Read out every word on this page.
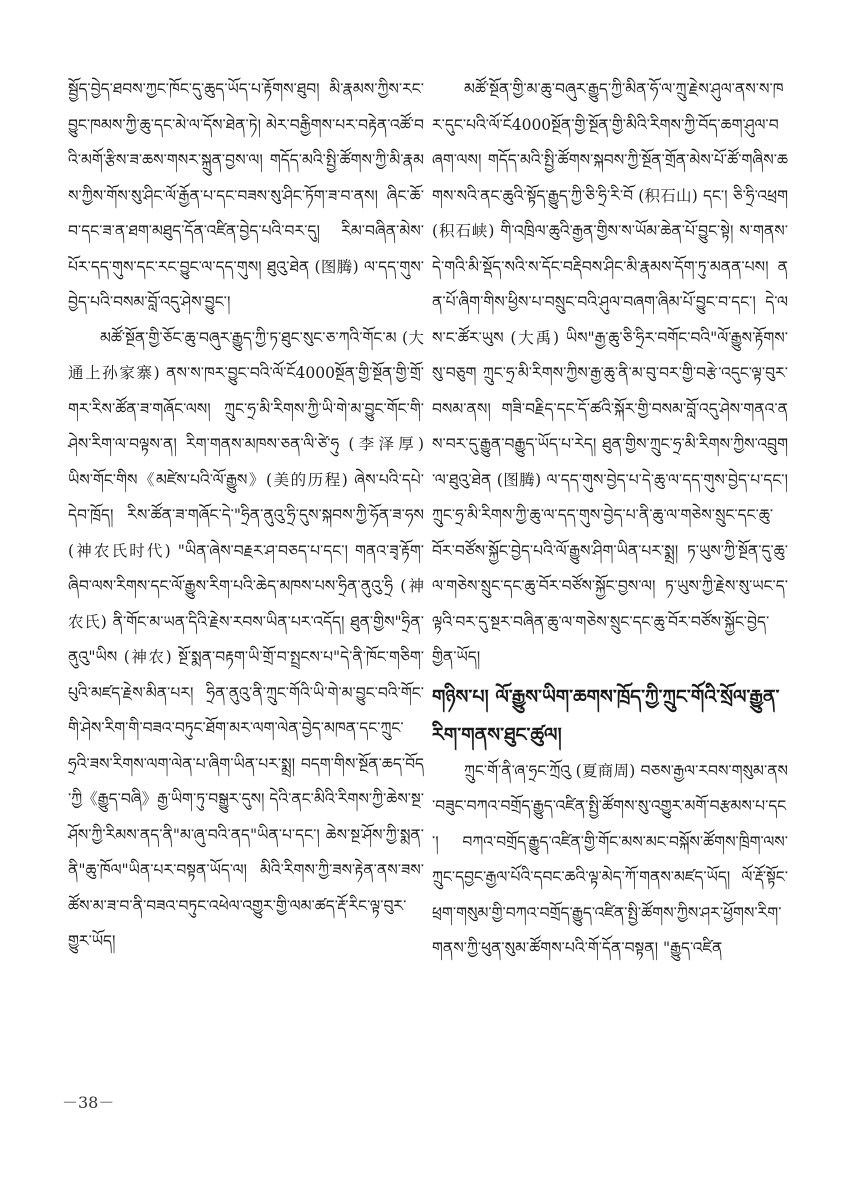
སྦྱོད་བྱེད་ཐབས་ཀྱང་ཁོང་དུ་ཆུད་ཡོད་པ་རྟོགས་ཐུབ། མི་རྣམས་ཀྱིས་རང་བྱུང་ཁམས་ཀྱི་ཆུ་དང་མེ་ལ་དོས་ཐེན་ཏེ། མེར་བརྒྱིགས་པར་བརྟེན་འཚོ་བའི་མགོ་རྩིས་ཟ་ཆས་གསར་སྐྲུན་བྱས་ལ། གདོད་མའི་སྤྱི་ཚོགས་ཀྱི་མི་རྣམས་ཀྱིས་གོས་སུ་ཤིང་ལོ་རྒྱོན་པ་དང་བཟས་སུ་ཤིང་ཏོག་ཟ་བ་ནས། ཞིང་ཆོ་བ་དང་ཟ་ན་ཐག་མཐུད་དོན་འཛིན་བྱེད་པའི་བར་དུ། རིམ་བཞིན་མེས་པོར་དད་གུས་དང་རང་བྱུང་ལ་དད་གུས། ཐུའུ་ཐེན (图腾) ལ་དད་གུས་བྱེད་པའི་བསམ་བློ་འདུ་ཤེས་བྱུང་།

མཚོ་སྔོན་གྱི་ཅོང་ཆུ་བཞུར་རྒྱུད་ཀྱི་ཏ་ཐུང་སུང་ཅ་ཀའི་གོང་མ (大通上孙家寨) ནས་ས་ཁར་བྱུང་བའི་ལོ་ངོ4000སྔོན་གྱི་སྔོན་གྱི་གྲོ་གར་རིས་ཚོན་ཟ་གཞོང་ལས། ཀྲུང་ཧྲ་མི་རིགས་ཀྱི་ཡི་གེ་མ་བྱུང་གོང་གི་ཤེས་རིག་ལ་བལྟས་ན། རིག་གནས་མཁས་ཅན་ལི་ཙེ་ཧུ (李泽厚) ཡིས་གོང་གིས《མཛེས་པའི་ལོ་རྒྱུས》(美的历程) ཞེས་པའི་དཔེ་དེབ་ཁྲོད། རིས་ཚོན་ཟ་གཞོང་དེ་"ཧྲིན་ནུའུ་ཧྲི་དུས་སྐབས་ཀྱི་ཧོན་ཟ་ཧས (神农氏时代) "ཡིན་ཞེས་བརྗར་ཤ་བཅད་པ་དང་། གནའ་ཟྭ་རྟོག་ཞིབ་ལས་རིགས་དང་ལོ་རྒྱུས་རིག་པའི་ཆེད་མཁས་པས་ཧྲིན་ནུའུ་ཧྲི (神农氏) ནི་གོང་མ་ཡན་དིའི་རྗེས་རབས་ཡིན་པར་འདོད། ཐུན་གྱིས"ཧྲིན་ནུའུ"ཡིས (神农) སྔོ་སྨན་བརྟག་ཡི་གྲོ་བ་སྤྲངས་པ"དེ་ནི་ཁོང་གཅིག་པུའི་མཛད་རྗེས་མིན་པར། ཧྲིན་ནུའུ་ནི་ཀྲུང་གོའི་ཡི་གེ་མ་བྱུང་བའི་གོང་གི་ཤེས་རིག་གི་བཟའ་བཏུང་ཐོག་མར་ལག་ལེན་བྱེད་མཁན་དང་ཀྲུང་ཧྲའི་ཟས་རིགས་ལག་ལེན་པ་ཞིག་ཡིན་པར་སྨྲ། བདག་གིས་སྔོན་ཆད་བོད་ཀྱི《རྒྱུད་བཞི》རྒྱ་ཡིག་ཏུ་བསྒྱུར་དུས། དེའི་ནང་མིའི་རིགས་ཀྱི་ཆེས་སྔ་ཤོས་ཀྱི་རིམས་ནད་ནི"མ་ཞུ་བའི་ནད"ཡིན་པ་དང་། ཆེས་སྔ་ཤོས་ཀྱི་སྨན་ནི"ཆུ་ཁོལ"ཡིན་པར་བསྟན་ཡོད་ལ། མིའི་རིགས་ཀྱི་ཟས་རྟེན་ནས་ཟས་ཚོས་མ་ཟ་བ་ནི་བཟའ་བཏུང་འཕེལ་འགྱུར་གྱི་ལམ་ཚད་རྡོ་རིང་ལྟ་བུར་གྱུར་ཡོད།

མཚོ་སྔོན་གྱི་མ་ཆུ་བཞུར་རྒྱུད་ཀྱི་མིན་ཧོ་ལ་ཀྲུ་རྗེས་ཤུལ་ནས་ས་ཁར་དུང་པའི་ལོ་ངོ4000སྔོན་གྱི་སྔོན་གྱི་མིའི་རིགས་ཀྱི་བོད་ཆག་ཤུལ་བཞག་ལས། གདོད་མའི་སྤྱི་ཚོགས་སྐབས་ཀྱི་སྔོན་གྲོན་མེས་པོ་ཚོ་གཞིས་ཆགས་སའི་ནང་ཆུའི་སྟོད་རྒྱུད་ཀྱི་ཅི་ཧྲི་རི་བོ (积石山) དང་། ཅི་ཧྲི་འཕྲག (积石峡) གི་འཁྲིལ་ཆུའི་རྒྱན་གྱིས་ས་ཡོམ་ཆེན་པོ་བྱུང་སྟེ། ས་གནས་དེ་གའི་མི་སྡོད་སའི་ས་དོང་བརྡིབས་ཤིང་མི་རྣམས་དོག་ཏུ་མནན་པས། ནན་པོ་ཞིག་གིས་ཕྱིས་པ་བསྲུང་བའི་ཤུལ་བཞག་ཞིམ་པོ་བྱུང་བ་དང་། དེ་ལས་ང་ཚོར་ཡུས (大禹) ཡིས"རྒྱ་ཆུ་ཅི་ཧྲིར་བགོང་བའི"ལོ་རྒྱུས་རྟོགས་སུ་བཅུག ཀྲུང་ཧྲ་མི་རིགས་ཀྱིས་རྒྱ་ཆུ་ནི་མ་བུ་བར་གྱི་བརྩེ་འདུང་ལྟ་བུར་བསམ་ནས། གཟི་བརྗིད་དང་དོ་ཚའི་སྐོར་གྱི་བསམ་བློ་འདུ་ཤེས་གནའ་ནས་བར་དུ་རྒྱུན་བརྒྱུད་ཡོད་པ་རེད། ཐུན་གྱིས་ཀྲུང་ཧྲ་མི་རིགས་ཀྱིས་འབྲུག་ལ་ཐུའུ་ཐེན (图腾) ལ་དད་གུས་བྱེད་པ་དེ་ཆུ་ལ་དད་གུས་བྱེད་པ་དང་། ཀྲུང་ཧྲ་མི་རིགས་ཀྱི་ཆུ་ལ་དད་གུས་བྱེད་པ་ནི་ཆུ་ལ་གཅེས་སྲུང་དང་ཆུ་བོར་བཙོས་སྐྱོང་བྱེད་པའི་ལོ་རྒྱུས་ཤིག་ཡིན་པར་སྨྲ། ཏ་ཡུས་ཀྱི་སྔོན་དུ་ཆུ་ལ་གཅེས་སྲུང་དང་ཆུ་བོར་བཙོས་སྐྱོང་བྱས་ལ། ཏ་ཡུས་ཀྱི་རྗེས་སུ་ཡང་ད་ལྟའི་བར་དུ་སྔར་བཞིན་ཆུ་ལ་གཅེས་སྲུང་དང་ཆུ་བོར་བཙོས་སྐྱོང་བྱེད་གྱིན་ཡོད།

གཉིས་པ། ལོ་རྒྱུས་ཡིག་ཆགས་ཁྲོད་ཀྱི་ཀྲུང་གོའི་སྲོལ་རྒྱུན་རིག་གནས་ཐུང་ཚུལ།

ཀྲུང་གོ་ནི་ཞ་ཧྲང་ཀྲོའུ (夏商周) བཅས་རྒྱལ་རབས་གསུམ་ནས་བཟུང་བཀའ་བགྲོད་རྒྱུད་འཛིན་སྤྱི་ཚོགས་སུ་འགྱུར་མགོ་བརྩམས་པ་དང་། བཀའ་བགྲོད་རྒྱུད་འཛིན་གྱི་གོང་མས་མང་བསྐོས་ཚོགས་ཁྲིག་ལས་ཀྲུང་དབྱང་རྒྱལ་པོའི་དབང་ཆའི་ལྟ་མེད་ཀོ་གནས་མཛད་ཡོད། ལོ་རྡོ་སྟོང་ཕྲག་གསུམ་གྱི་བཀའ་བགྲོད་རྒྱུད་འཛིན་སྤྱི་ཚོགས་ཀྱིས་ཤར་ཕྱོགས་རིག་གནས་ཀྱི་ཕུན་སུམ་ཚོགས་པའི་གོ་དོན་བསྟན། "རྒྱུད་འཛིན

－38－
